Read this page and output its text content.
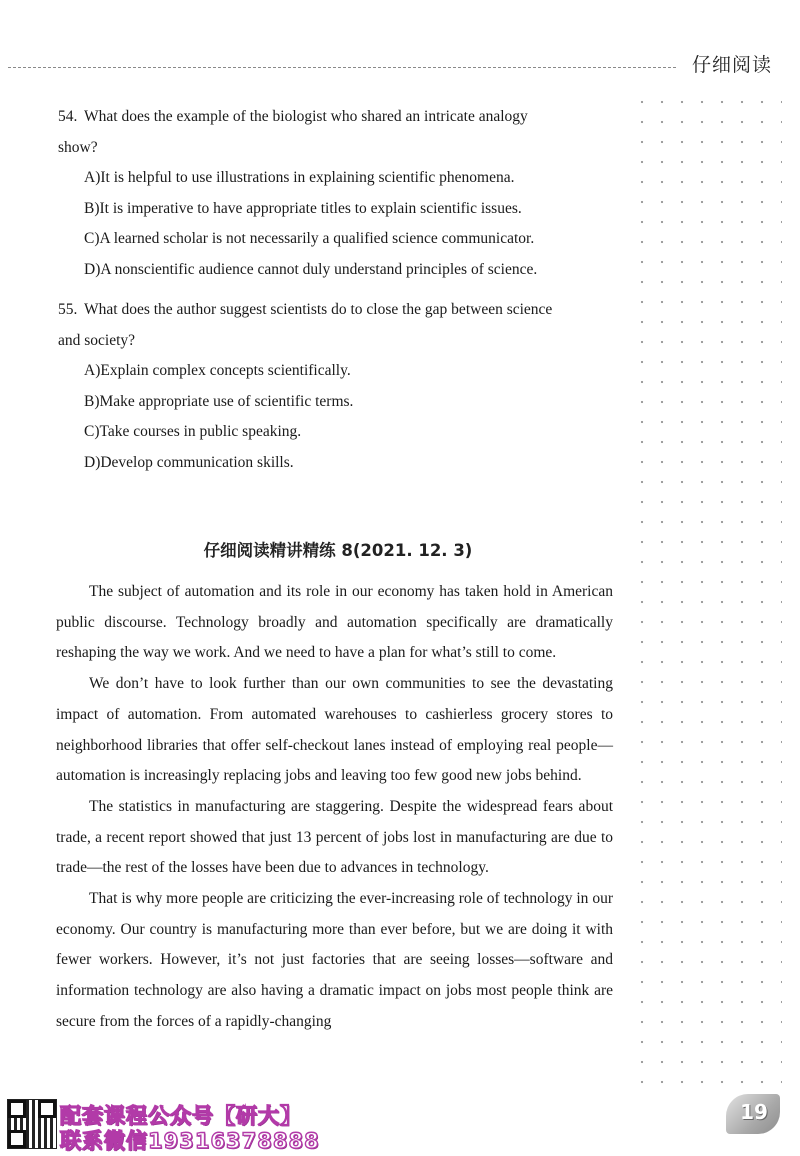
仔细阅读
54. What does the example of the biologist who shared an intricate analogy
show?
A)It is helpful to use illustrations in explaining scientific phenomena.
B)It is imperative to have appropriate titles to explain scientific issues.
C)A learned scholar is not necessarily a qualified science communicator.
D)A nonscientific audience cannot duly understand principles of science.
55. What does the author suggest scientists do to close the gap between science
and society?
A)Explain complex concepts scientifically.
B)Make appropriate use of scientific terms.
C)Take courses in public speaking.
D)Develop communication skills.
仔细阅读精讲精练 8(2021. 12. 3)

The subject of automation and its role in our economy has taken hold in American public discourse. Technology broadly and automation specifically are dramatically reshaping the way we work. And we need to have a plan for what’s still to come.

We don’t have to look further than our own communities to see the devastating impact of automation. From automated warehouses to cashierless grocery stores to neighborhood libraries that offer self-checkout lanes instead of employing real people—automation is increasingly replacing jobs and leaving too few good new jobs behind.

The statistics in manufacturing are staggering. Despite the widespread fears about trade, a recent report showed that just 13 percent of jobs lost in manufacturing are due to trade—the rest of the losses have been due to advances in technology.

That is why more people are criticizing the ever-increasing role of technology in our economy. Our country is manufacturing more than ever before, but we are doing it with fewer workers. However, it’s not just factories that are seeing losses—software and information technology are also having a dramatic impact on jobs most people think are secure from the forces of a rapidly-changing

配套课程公众号【研大】
联系微信19316378888
19
